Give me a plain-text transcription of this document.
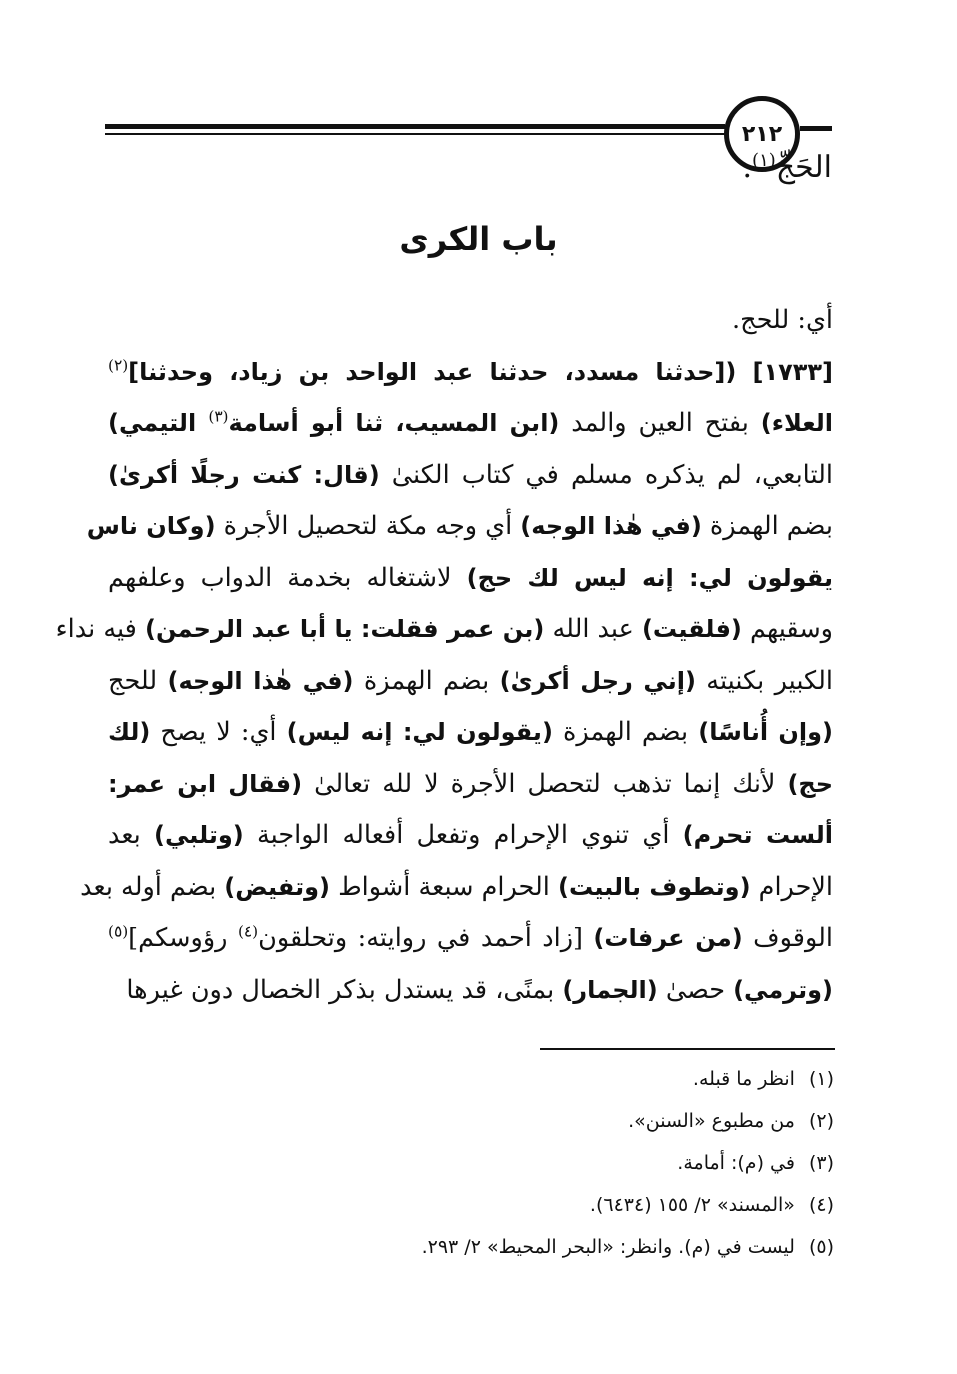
٢١٢
الحَجِّ$^{(١)}$.
باب الكرى
أي: للحج.
[١٧٣٣] ([حدثنا مسدد، حدثنا عبد الواحد بن زياد، وحدثنا]$^{(٢)}$
العلاء) بفتح العين والمد (ابن المسيب، ثنا أبو أسامة$^{(٣)}$ التيمي)
التابعي، لم يذكره مسلم في كتاب الكنىٰ (قال: كنت رجلًا أكرىٰ)
بضم الهمزة (في هٰذا الوجه) أي وجه مكة لتحصيل الأجرة (وكان ناس
يقولون لي: إنه ليس لك حج) لاشتغاله بخدمة الدواب وعلفهم
وسقيهم (فلقيت) عبد الله (بن عمر فقلت: يا أبا عبد الرحمن) فيه نداء
الكبير بكنيته (إني رجل أكرىٰ) بضم الهمزة (في هٰذا الوجه) للحج
(وإن أُناسًا) بضم الهمزة (يقولون لي: إنه ليس) أي: لا يصح (لك
حج) لأنك إنما تذهب لتحصل الأجرة لا لله تعالىٰ (فقال ابن عمر:
ألست تحرم) أي تنوي الإحرام وتفعل أفعاله الواجبة (وتلبي) بعد
الإحرام (وتطوف بالبيت) الحرام سبعة أشواط (وتفيض) بضم أوله بعد
الوقوف (من عرفات) [زاد أحمد في روايته: وتحلقون$^{(٤)}$ رؤوسكم]$^{(٥)}$
(وترمي) حصىٰ (الجمار) بمنًى، قد يستدل بذكر الخصال دون غيرها
(١)انظر ما قبله.
(٢)من مطبوع «السنن».
(٣)في (م): أمامة.
(٤)«المسند» ٢/ ١٥٥ (٦٤٣٤).
(٥)ليست في (م). وانظر: «البحر المحيط» ٢/ ٢٩٣.
